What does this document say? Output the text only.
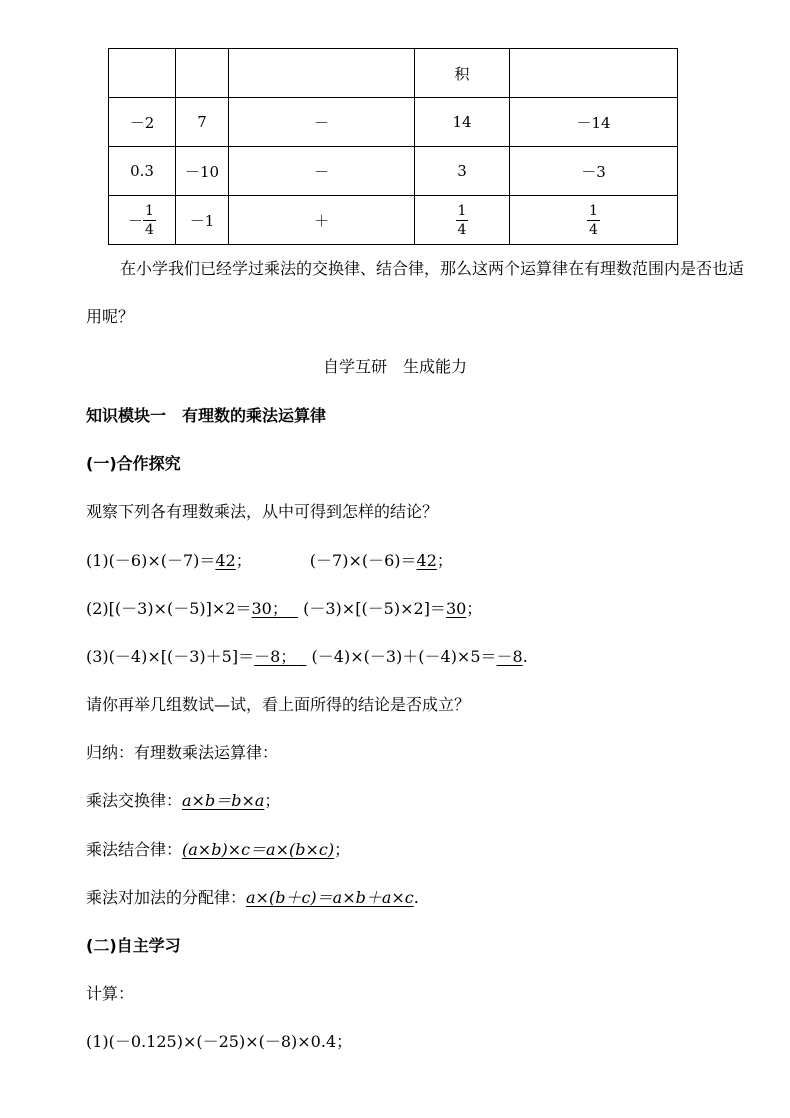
			积	
－2	7	－	14	－14
0.3	－10	－	3	－3
－ $\frac{1}{4}$	－1	＋	$\frac{1}{4}$	$\frac{1}{4}$
在小学我们已经学过乘法的交换律、结合律，那么这两个运算律在有理数范围内是否也适用呢？
自学互研　生成能力
知识模块一　有理数的乘法运算律
(一)合作探究
观察下列各有理数乘法，从中可得到怎样的结论？
(1)(－6)×(－7)＝42；	(－7)×(－6)＝42；
(2)[(－3)×(－5)]×2＝30； (－3)×[(－5)×2]＝30；
(3)(－4)×[(－3)＋5]＝－8； (－4)×(－3)＋(－4)×5＝－8.
请你再举几组数试—试，看上面所得的结论是否成立？
归纳：有理数乘法运算律：
乘法交换律：a×b＝b×a；
乘法结合律：(a×b)×c＝a×(b×c)；
乘法对加法的分配律：a×(b＋c)＝a×b＋a×c.
(二)自主学习
计算：
(1)(－0.125)×(－25)×(－8)×0.4；
